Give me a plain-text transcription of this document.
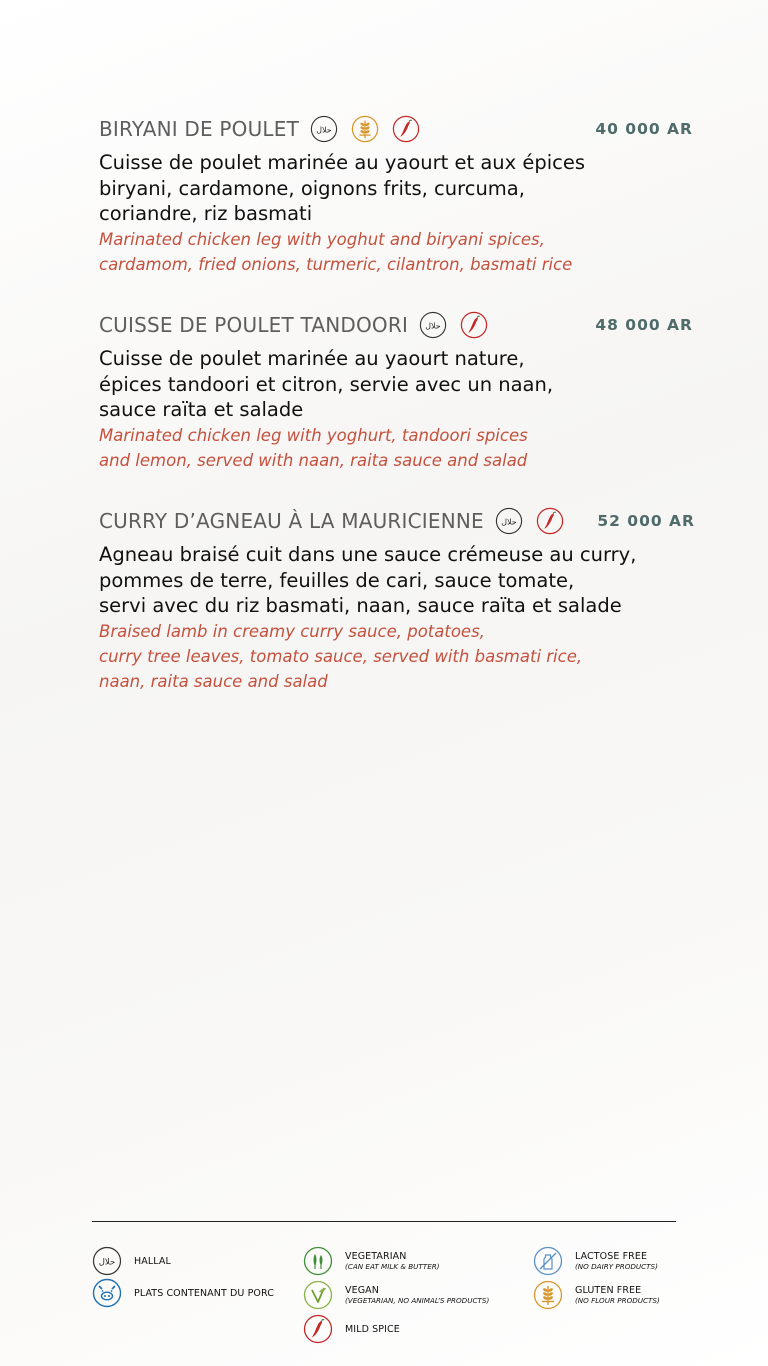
BIRYANI DE POULET	40 000 AR
Cuisse de poulet marinée au yaourt et aux épices
biryani, cardamone, oignons frits, curcuma,
coriandre, riz basmati
Marinated chicken leg with yoghut and biryani spices,
cardamom, fried onions, turmeric, cilantron, basmati rice
CUISSE DE POULET TANDOORI	48 000 AR
Cuisse de poulet marinée au yaourt nature,
épices tandoori et citron, servie avec un naan,
sauce raïta et salade
Marinated chicken leg with yoghurt, tandoori spices
and lemon, served with naan, raita sauce and salad
CURRY D’AGNEAU À LA MAURICIENNE	52 000 AR
Agneau braisé cuit dans une sauce crémeuse au curry,
pommes de terre, feuilles de cari, sauce tomate,
servi avec du riz basmati, naan, sauce raïta et salade
Braised lamb in creamy curry sauce, potatoes,
curry tree leaves, tomato sauce, served with basmati rice,
naan, raita sauce and salad
HALLAL
PLATS CONTENANT DU PORC
VEGETARIAN
(CAN EAT MILK & BUTTER)
VEGAN
(VEGETARIAN, NO ANIMAL’S PRODUCTS)
MILD SPICE
LACTOSE FREE
(NO DAIRY PRODUCTS)
GLUTEN FREE
(NO FLOUR PRODUCTS)
